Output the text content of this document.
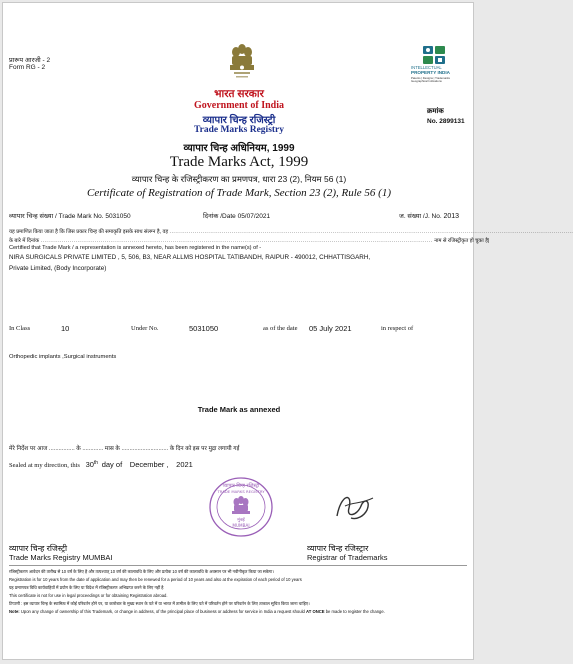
प्रारूप आरजी - 2
Form RG - 2	INTELLECTUAL
PROPERTY INDIA
Patents | Designs | Trademarks
Geographical Indications
क्रमांक
No. 2899131
भारत सरकार
Government of India
व्यापार चिन्ह रजिस्ट्री
Trade Marks Registry
व्यापार चिन्ह अधिनियम, 1999
Trade Marks Act, 1999
व्यापार चिन्ह के रजिस्ट्रीकरण का प्रमणपत्र, धारा 23 (2), नियम 56 (1)
Certificate of Registration of Trade Mark, Section 23 (2), Rule 56 (1)
व्यापार चिन्ह संख्या / Trade Mark No. 5031050	दिनांक /Date 05/07/2021	ज. संख्या /J. No. 2013
यह प्रमाणित किया जाता है कि जिस प्रकार चिन्ह की समाकृति इसके साथ संलग्न है, वह ................................................................................................................................................................................................................
के बारे में दिनांक .......................................................................................................................................................................................................... नाम से रजिस्ट्रीकृत हो चुका है|
Certified that Trade Mark / a representation is annexed hereto, has been registered in the name(s) of -
NIRA SURGICALS PRIVATE LIMITED , 5, 506, B3, NEAR ALLMS HOSPITAL TATIBANDH, RAIPUR - 490012, CHHATTISGARH,
Private Limited, (Body Incorporate)
In Class	10	Under No.	5031050	as of the date 05 July 2021	in respect of
Orthopedic implants ,Surgical instruments
Trade Mark as annexed
मेरे निर्देश पर आज ................ के ............. मास के ............................. के दिन को इस पर मुद्रा लगायी गई
Sealed at my direction, this 30th day of December , 2021
व्यापार चिन्ह रजिस्ट्री
TRADE MARKS REGISTRY
मुंबई
MUMBAI
व्यापार चिन्ह रजिस्ट्री
Trade Marks Registry MUMBAI
व्यापार चिन्ह रजिस्ट्रार
Registrar of Trademarks
रजिस्ट्रीकरण आवेदन की तारीख से 10 वर्ष के लिए है और तत्पश्चात् 10 वर्ष की कालावधि के लिए और प्रत्येक 10 वर्ष की कालावधि के अवसान पर भी नवीनीकृत किया जा सकेगा।
Registration is for 10 years from the date of application and may then be renewed for a period of 10 years and also at the expiration of each period of 10 years
यह प्रमाणपत्र विधि कार्यवाहियों में प्रयोग के लिए या विदेश में रजिस्ट्रीकरण अभिप्राप्त करने के लिए नहीं है
This certificate is not for use in legal proceedings or for obtaining Registration abroad.
टिप्पणी : इस व्यापार चिन्ह के स्वामित्व में कोई परिवर्तन होने पर, या कारोबार के मुख्य स्थान के पते में या भारत में तामील के लिए पते में परिवर्तन होने पर परिवर्तन के लिए तत्काल सूचित किया जाना चाहिए।
Note: Upon any change of ownership of this Trademark, or change in address, of the principal place of business or address for service in India a request should AT ONCE be made to register the change.
